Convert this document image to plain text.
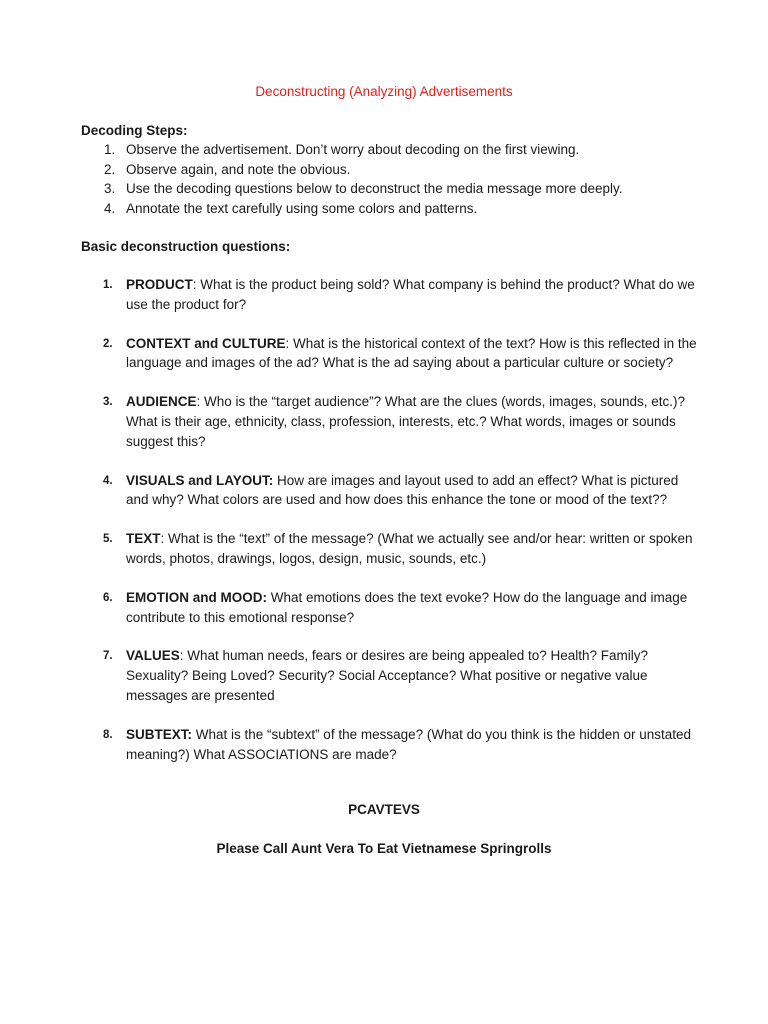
Deconstructing (Analyzing) Advertisements
Decoding Steps:
1. Observe the advertisement. Don’t worry about decoding on the first viewing.
2. Observe again, and note the obvious.
3. Use the decoding questions below to deconstruct the media message more deeply.
4. Annotate the text carefully using some colors and patterns.
Basic deconstruction questions:
1. PRODUCT: What is the product being sold? What company is behind the product? What do we use the product for?
2. CONTEXT and CULTURE: What is the historical context of the text? How is this reflected in the language and images of the ad? What is the ad saying about a particular culture or society?
3. AUDIENCE: Who is the “target audience”? What are the clues (words, images, sounds, etc.)? What is their age, ethnicity, class, profession, interests, etc.? What words, images or sounds suggest this?
4. VISUALS and LAYOUT: How are images and layout used to add an effect? What is pictured and why? What colors are used and how does this enhance the tone or mood of the text??
5. TEXT: What is the “text” of the message? (What we actually see and/or hear: written or spoken words, photos, drawings, logos, design, music, sounds, etc.)
6. EMOTION and MOOD: What emotions does the text evoke? How do the language and image contribute to this emotional response?
7. VALUES: What human needs, fears or desires are being appealed to? Health? Family? Sexuality? Being Loved? Security? Social Acceptance? What positive or negative value messages are presented
8. SUBTEXT: What is the “subtext” of the message? (What do you think is the hidden or unstated meaning?) What ASSOCIATIONS are made?
PCAVTEVS
Please Call Aunt Vera To Eat Vietnamese Springrolls
